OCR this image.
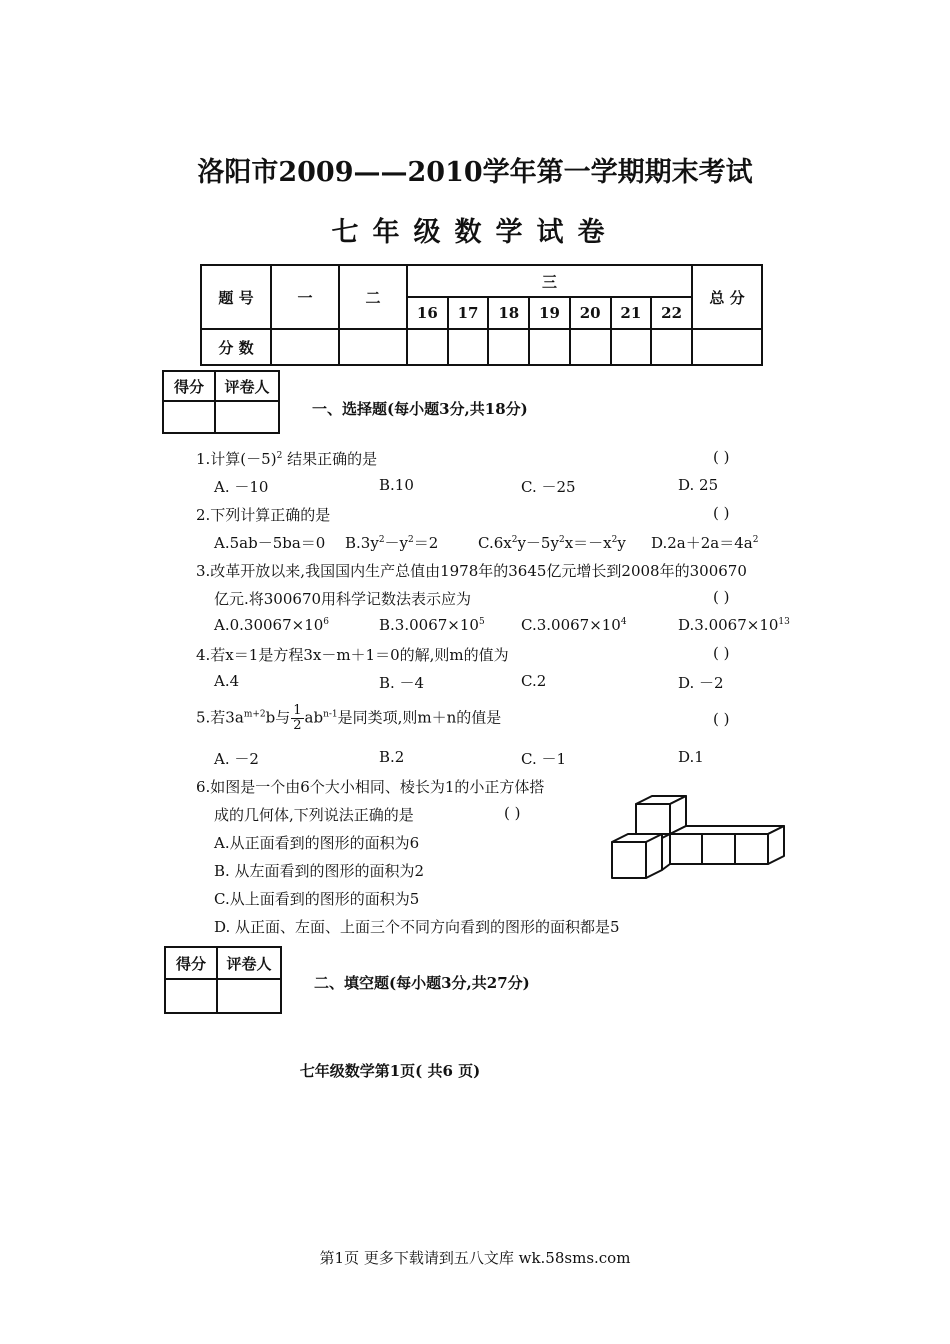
洛阳市2009——2010学年第一学期期末考试
七年级数学试卷
题 号	一	二	三							总 分
			16	17	18	19	20	21	22	
分 数										
得分	评卷人

一、选择题(每小题3分,共18分)
1.计算$(-5)^2$ 结果正确的是	( )
A. －10	B.10	C. －25	D. 25
2.下列计算正确的是	( )
A.5ab－5ba＝0 $B.3y^2-y^2=2$	$C.6x^2y-5y^2x=-x^2y$ $D.2a+2a=4a^2$
3.改革开放以来,我国国内生产总值由1978年的3645亿元增长到2008年的300670
亿元.将300670用科学记数法表示应为	( )
$A.0.30067\times 10^6$	$B.3.0067\times 10^5$ $C.3.0067\times 10^4$	$D.3.0067\times 10^{13}$
4.若x＝1是方程3x－m＋1＝0的解,则m的值为	( )
A.4	B. －4	C.2	D. －2
5.若$3a^{m+2}b$与 $\frac{1}{2} ab^{n-1}$是同类项,则m＋n的值是	( )
A. －2	B.2	C. －1	D.1
6.如图是一个由6个大小相同、棱长为1的小正方体搭
成的几何体,下列说法正确的是	( )
A.从正面看到的图形的面积为6
B. 从左面看到的图形的面积为2
C.从上面看到的图形的面积为5
D. 从正面、左面、上面三个不同方向看到的图形的面积都是5
得分	评卷人

二、填空题(每小题3分,共27分)
七年级数学第1页( 共6 页)
第1页 更多下载请到五八文库 wk.58sms.com
